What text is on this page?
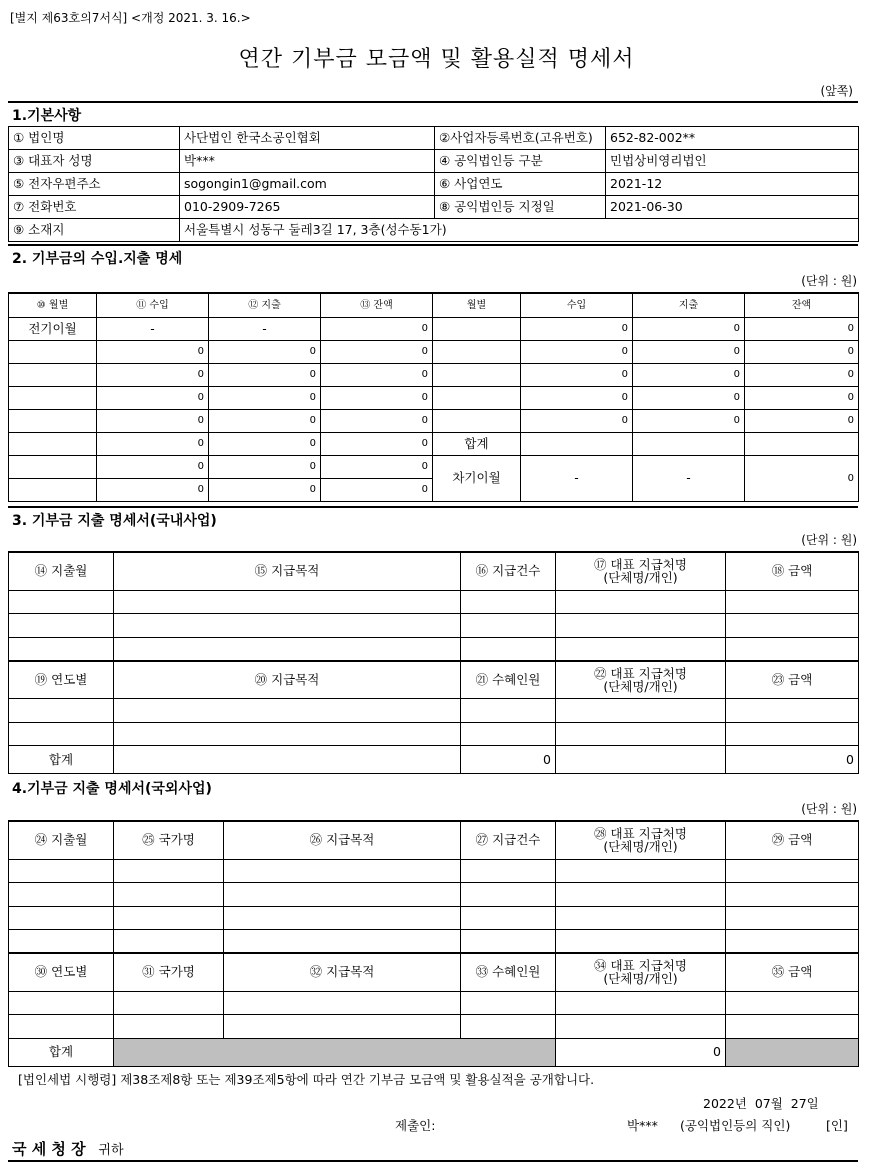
[별지 제63호의7서식] <개정 2021. 3. 16.>
연간 기부금 모금액 및 활용실적 명세서
(앞쪽)
1.기본사항
① 법인명	사단법인 한국소공인협회	②사업자등록번호(고유번호)	652-82-002**
③ 대표자 성명	박***	④ 공익법인등 구분	민법상비영리법인
⑤ 전자우편주소	sogongin1@gmail.com	⑥ 사업연도	2021-12
⑦ 전화번호	010-2909-7265	⑧ 공익법인등 지정일	2021-06-30
⑨ 소재지	서울특별시 성동구 둘레3길 17, 3층(성수동1가)		
2. 기부금의 수입.지출 명세
(단위 : 원)
⑩ 월별	⑪ 수입	⑫ 지출	⑬ 잔액	월별	수입	지출	잔액
전기이월	-	-	0		0	0	0
	0	0	0		0	0	0
	0	0	0		0	0	0
	0	0	0		0	0	0
	0	0	0		0	0	0
	0	0	0	합계			
	0	0	0	차기이월	-	-	0
	0	0	0				
3. 기부금 지출 명세서(국내사업)
(단위 : 원)
⑭ 지출월	⑮ 지급목적	⑯ 지급건수	⑰ 대표 지급처명
(단체명/개인)	⑱ 금액

⑲ 연도별	⑳ 지급목적	㉑ 수혜인원	㉒ 대표 지급처명
(단체명/개인)	㉓ 금액

합계		0		0
4.기부금 지출 명세서(국외사업)
(단위 : 원)
㉔ 지출월	㉕ 국가명	㉖ 지급목적	㉗ 지급건수	㉘ 대표 지급처명
(단체명/개인)	㉙ 금액	

㉚ 연도별	㉛ 국가명	㉜ 지급목적	㉝ 수혜인원	㉞ 대표 지급처명
(단체명/개인)	㉟ 금액	

합계				0		
[법인세법 시행령] 제38조제8항 또는 제39조제5항에 따라 연간 기부금 모금액 및 활용실적을 공개합니다.
2022년  07월  27일
제출인:	박*** (공익법인등의 직인)	[인]
국 세 청 장 귀하
